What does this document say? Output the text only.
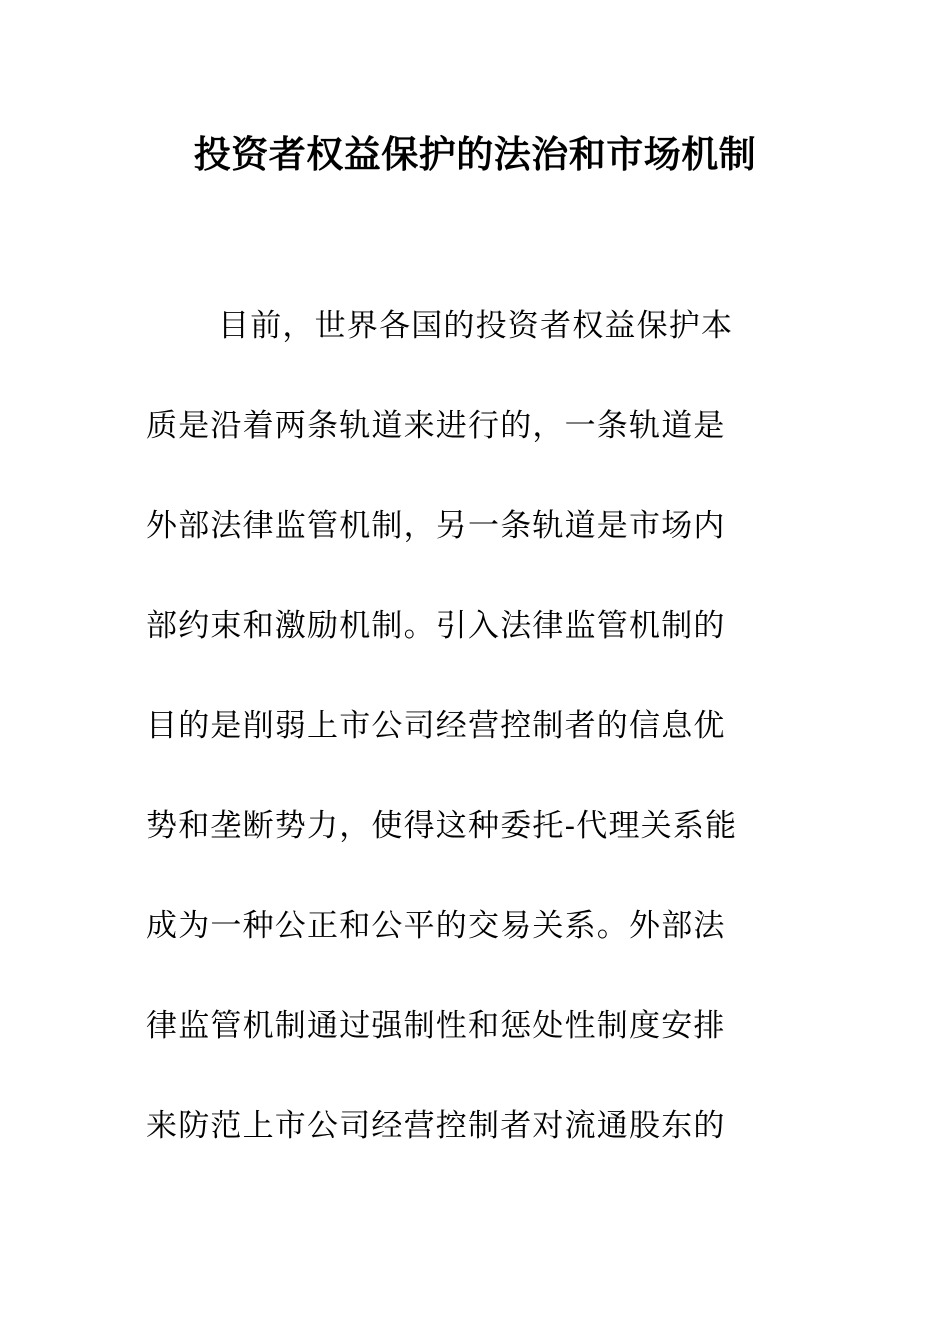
投资者权益保护的法治和市场机制
目前，世界各国的投资者权益保护本
质是沿着两条轨道来进行的，一条轨道是
外部法律监管机制，另一条轨道是市场内
部约束和激励机制。引入法律监管机制的
目的是削弱上市公司经营控制者的信息优
势和垄断势力，使得这种委托-代理关系能
成为一种公正和公平的交易关系。外部法
律监管机制通过强制性和惩处性制度安排
来防范上市公司经营控制者对流通股东的
